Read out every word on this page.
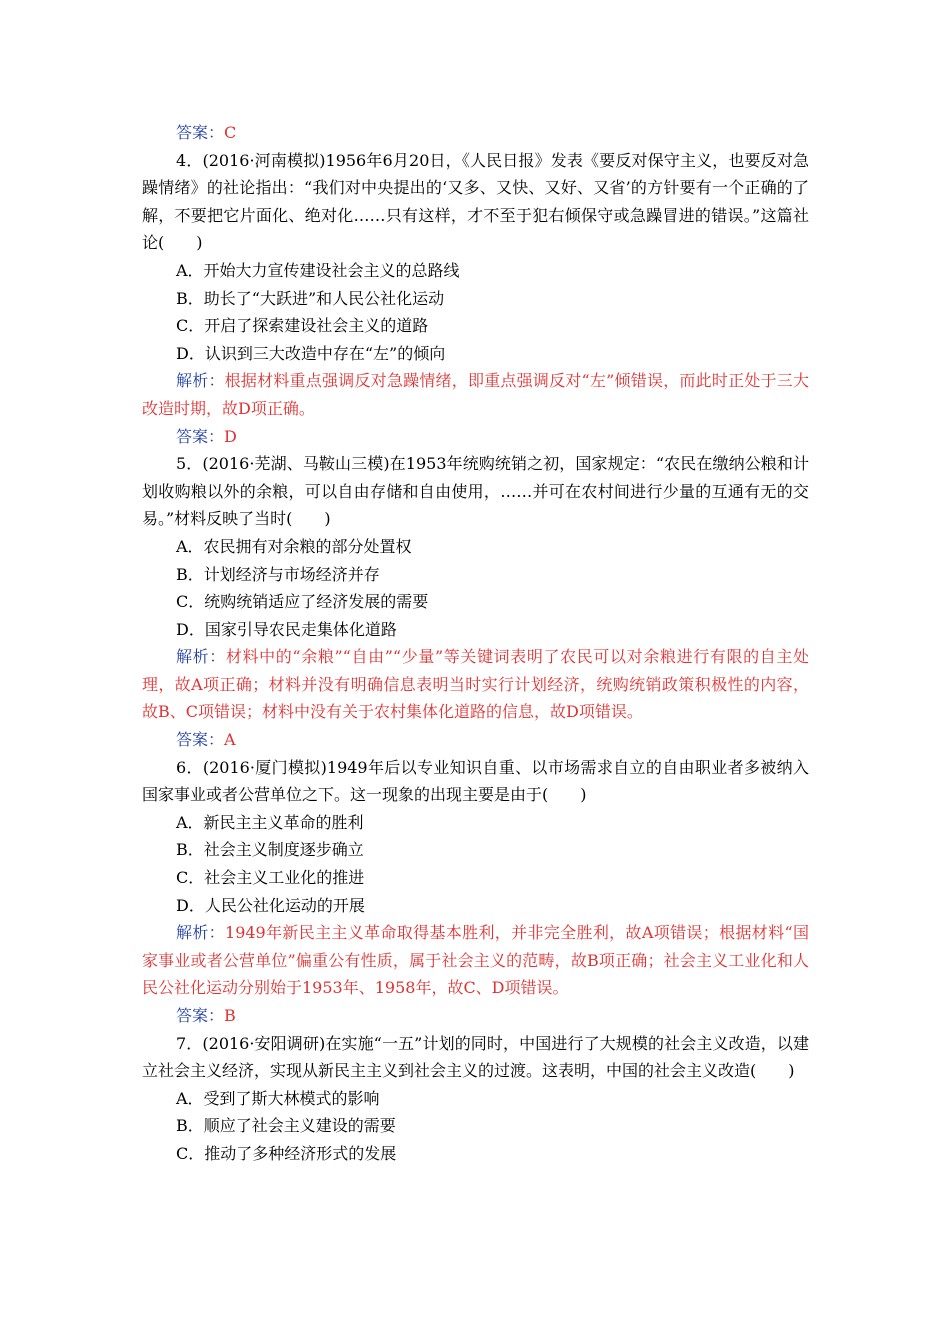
答案：C
4．(2016·河南模拟)1956年6月20日，《人民日报》发表《要反对保守主义，也要反对急躁情绪》的社论指出：“我们对中央提出的‘又多、又快、又好、又省’的方针要有一个正确的了解，不要把它片面化、绝对化……只有这样，才不至于犯右倾保守或急躁冒进的错误。”这篇社论(　　)
A．开始大力宣传建设社会主义的总路线
B．助长了“大跃进”和人民公社化运动
C．开启了探索建设社会主义的道路
D．认识到三大改造中存在“左”的倾向
解析：根据材料重点强调反对急躁情绪，即重点强调反对“左”倾错误，而此时正处于三大改造时期，故D项正确。
答案：D
5．(2016·芜湖、马鞍山三模)在1953年统购统销之初，国家规定：“农民在缴纳公粮和计划收购粮以外的余粮，可以自由存储和自由使用，……并可在农村间进行少量的互通有无的交易。”材料反映了当时(　　)
A．农民拥有对余粮的部分处置权
B．计划经济与市场经济并存
C．统购统销适应了经济发展的需要
D．国家引导农民走集体化道路
解析：材料中的“余粮”“自由”“少量”等关键词表明了农民可以对余粮进行有限的自主处理，故A项正确；材料并没有明确信息表明当时实行计划经济，统购统销政策积极性的内容，故B、C项错误；材料中没有关于农村集体化道路的信息，故D项错误。
答案：A
6．(2016·厦门模拟)1949年后以专业知识自重、以市场需求自立的自由职业者多被纳入国家事业或者公营单位之下。这一现象的出现主要是由于(　　)
A．新民主主义革命的胜利
B．社会主义制度逐步确立
C．社会主义工业化的推进
D．人民公社化运动的开展
解析：1949年新民主主义革命取得基本胜利，并非完全胜利，故A项错误；根据材料“国家事业或者公营单位”偏重公有性质，属于社会主义的范畴，故B项正确；社会主义工业化和人民公社化运动分别始于1953年、1958年，故C、D项错误。
答案：B
7．(2016·安阳调研)在实施“一五”计划的同时，中国进行了大规模的社会主义改造，以建立社会主义经济，实现从新民主主义到社会主义的过渡。这表明，中国的社会主义改造(　　)
A．受到了斯大林模式的影响
B．顺应了社会主义建设的需要
C．推动了多种经济形式的发展
